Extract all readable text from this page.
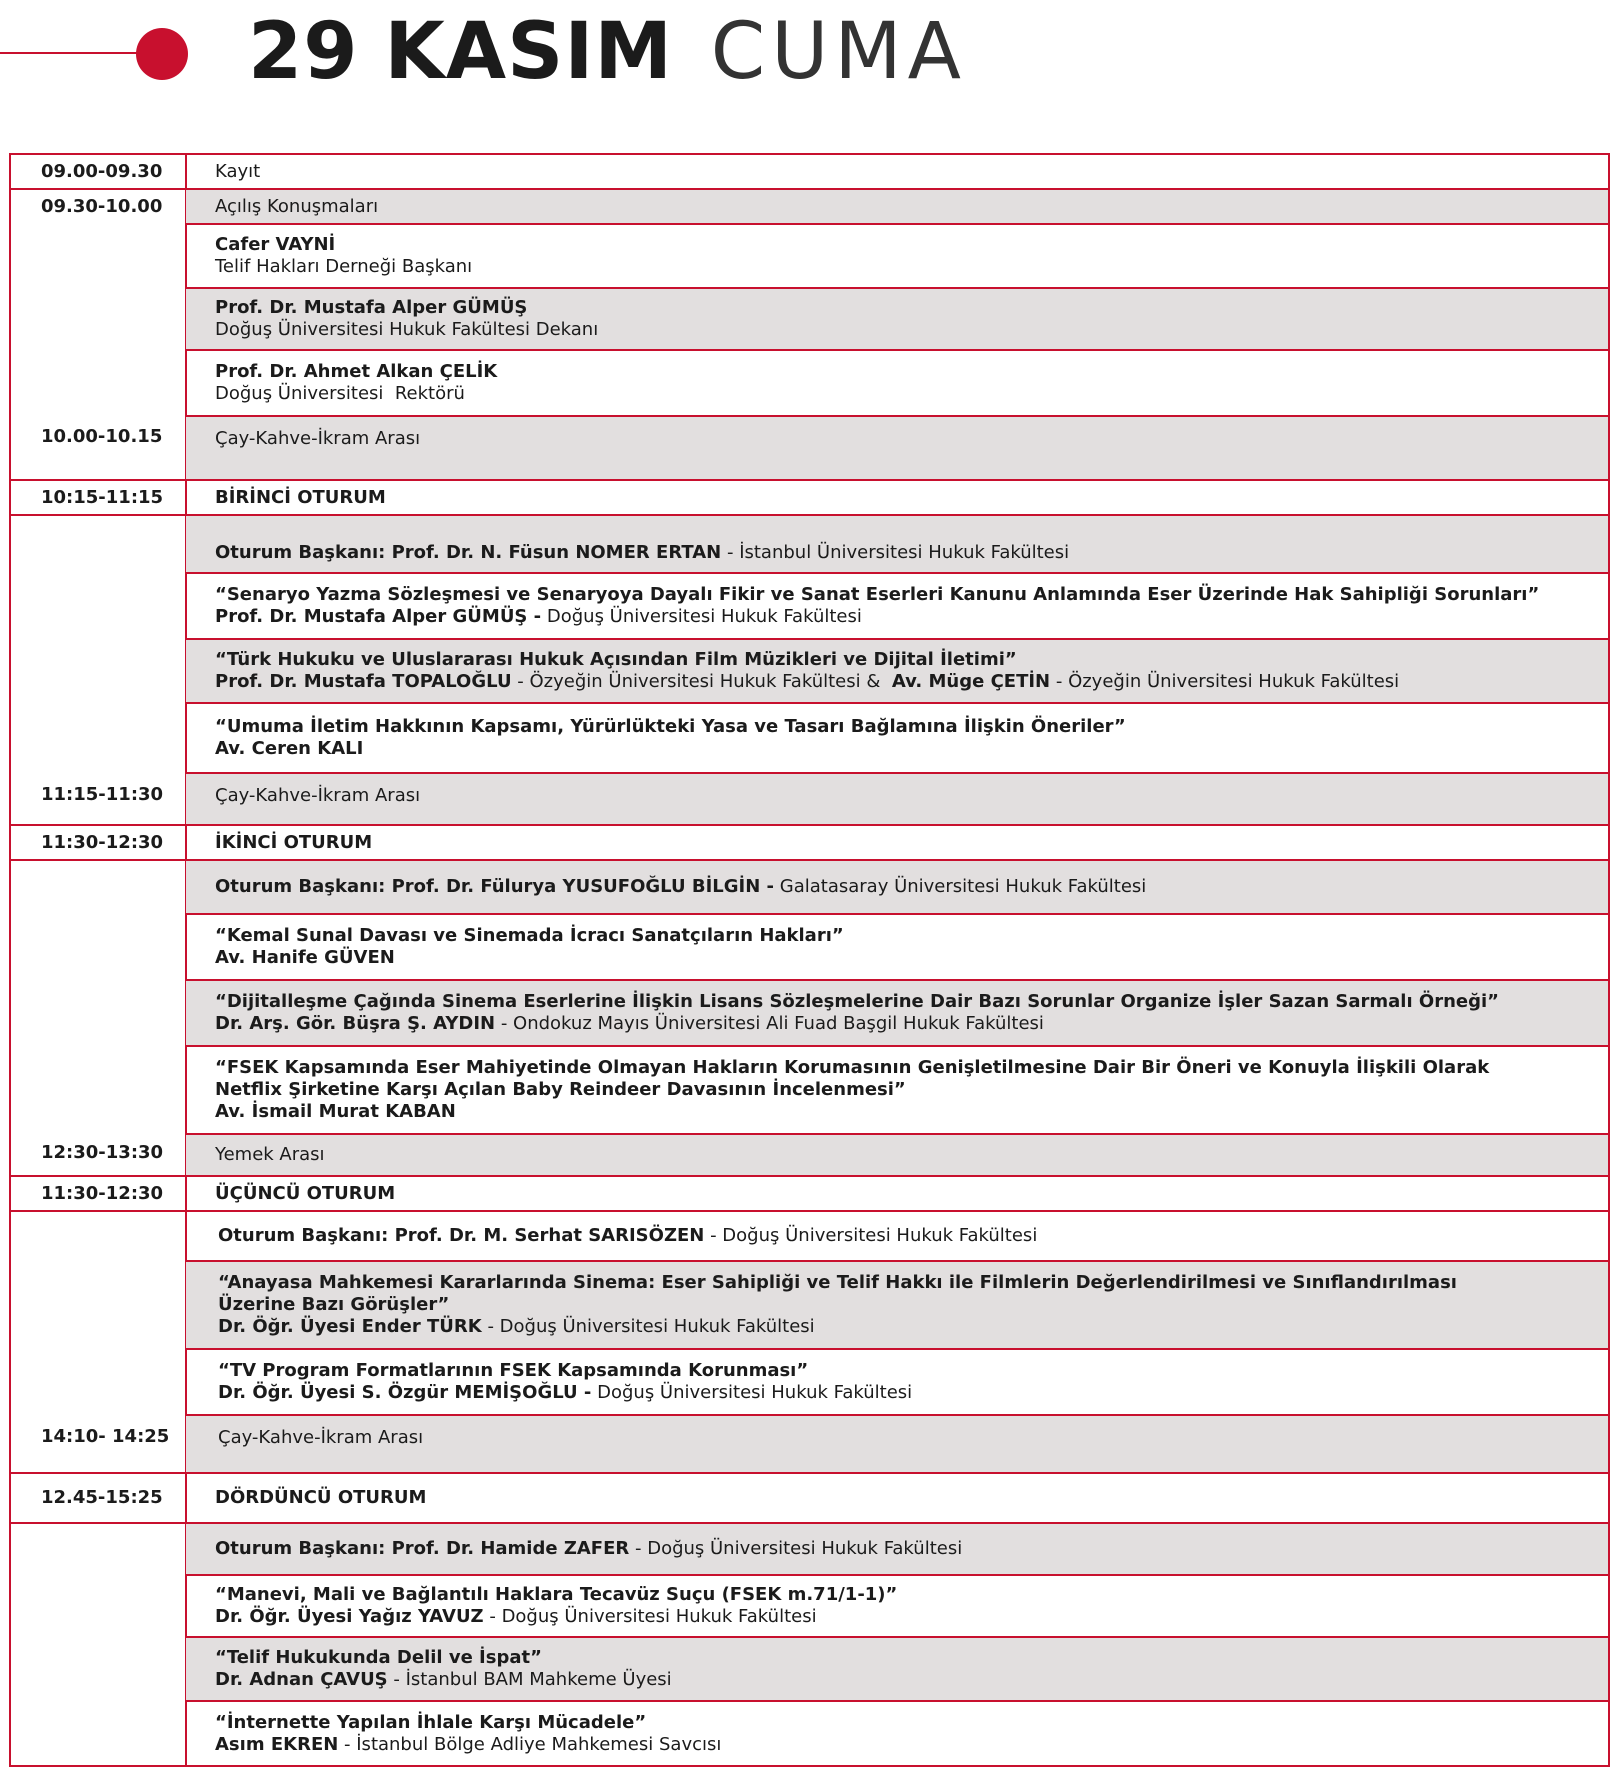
29 KASIM CUMA
09.00-09.30	Kayıt
09.30-10.00	Açılış Konuşmaları
Cafer VAYNİ
Telif Hakları Derneği Başkanı
Prof. Dr. Mustafa Alper GÜMÜŞ
Doğuş Üniversitesi Hukuk Fakültesi Dekanı
Prof. Dr. Ahmet Alkan ÇELİK
Doğuş Üniversitesi  Rektörü
10.00-10.15	Çay-Kahve-İkram Arası
10:15-11:15	BİRİNCİ OTURUM
Oturum Başkanı: Prof. Dr. N. Füsun NOMER ERTAN - İstanbul Üniversitesi Hukuk Fakültesi
“Senaryo Yazma Sözleşmesi ve Senaryoya Dayalı Fikir ve Sanat Eserleri Kanunu Anlamında Eser Üzerinde Hak Sahipliği Sorunları”
Prof. Dr. Mustafa Alper GÜMÜŞ - Doğuş Üniversitesi Hukuk Fakültesi
“Türk Hukuku ve Uluslararası Hukuk Açısından Film Müzikleri ve Dijital İletimi”
Prof. Dr. Mustafa TOPALOĞLU - Özyeğin Üniversitesi Hukuk Fakültesi &  Av. Müge ÇETİN - Özyeğin Üniversitesi Hukuk Fakültesi
“Umuma İletim Hakkının Kapsamı, Yürürlükteki Yasa ve Tasarı Bağlamına İlişkin Öneriler”
Av. Ceren KALI
11:15-11:30	Çay-Kahve-İkram Arası
11:30-12:30	İKİNCİ OTURUM
Oturum Başkanı: Prof. Dr. Fülurya YUSUFOĞLU BİLGİN - Galatasaray Üniversitesi Hukuk Fakültesi
“Kemal Sunal Davası ve Sinemada İcracı Sanatçıların Hakları”
Av. Hanife GÜVEN
“Dijitalleşme Çağında Sinema Eserlerine İlişkin Lisans Sözleşmelerine Dair Bazı Sorunlar Organize İşler Sazan Sarmalı Örneği”
Dr. Arş. Gör. Büşra Ş. AYDIN - Ondokuz Mayıs Üniversitesi Ali Fuad Başgil Hukuk Fakültesi
“FSEK Kapsamında Eser Mahiyetinde Olmayan Hakların Korumasının Genişletilmesine Dair Bir Öneri ve Konuyla İlişkili Olarak
Netflix Şirketine Karşı Açılan Baby Reindeer Davasının İncelenmesi”
Av. İsmail Murat KABAN
12:30-13:30	Yemek Arası
11:30-12:30	ÜÇÜNCÜ OTURUM
Oturum Başkanı: Prof. Dr. M. Serhat SARISÖZEN - Doğuş Üniversitesi Hukuk Fakültesi
“Anayasa Mahkemesi Kararlarında Sinema: Eser Sahipliği ve Telif Hakkı ile Filmlerin Değerlendirilmesi ve Sınıflandırılması
Üzerine Bazı Görüşler”
Dr. Öğr. Üyesi Ender TÜRK - Doğuş Üniversitesi Hukuk Fakültesi
“TV Program Formatlarının FSEK Kapsamında Korunması”
Dr. Öğr. Üyesi S. Özgür MEMİŞOĞLU - Doğuş Üniversitesi Hukuk Fakültesi
14:10- 14:25	Çay-Kahve-İkram Arası
12.45-15:25	DÖRDÜNCÜ OTURUM
Oturum Başkanı: Prof. Dr. Hamide ZAFER - Doğuş Üniversitesi Hukuk Fakültesi
“Manevi, Mali ve Bağlantılı Haklara Tecavüz Suçu (FSEK m.71/1-1)”
Dr. Öğr. Üyesi Yağız YAVUZ - Doğuş Üniversitesi Hukuk Fakültesi
“Telif Hukukunda Delil ve İspat”
Dr. Adnan ÇAVUŞ - İstanbul BAM Mahkeme Üyesi
“İnternette Yapılan İhlale Karşı Mücadele”
Asım EKREN - İstanbul Bölge Adliye Mahkemesi Savcısı
